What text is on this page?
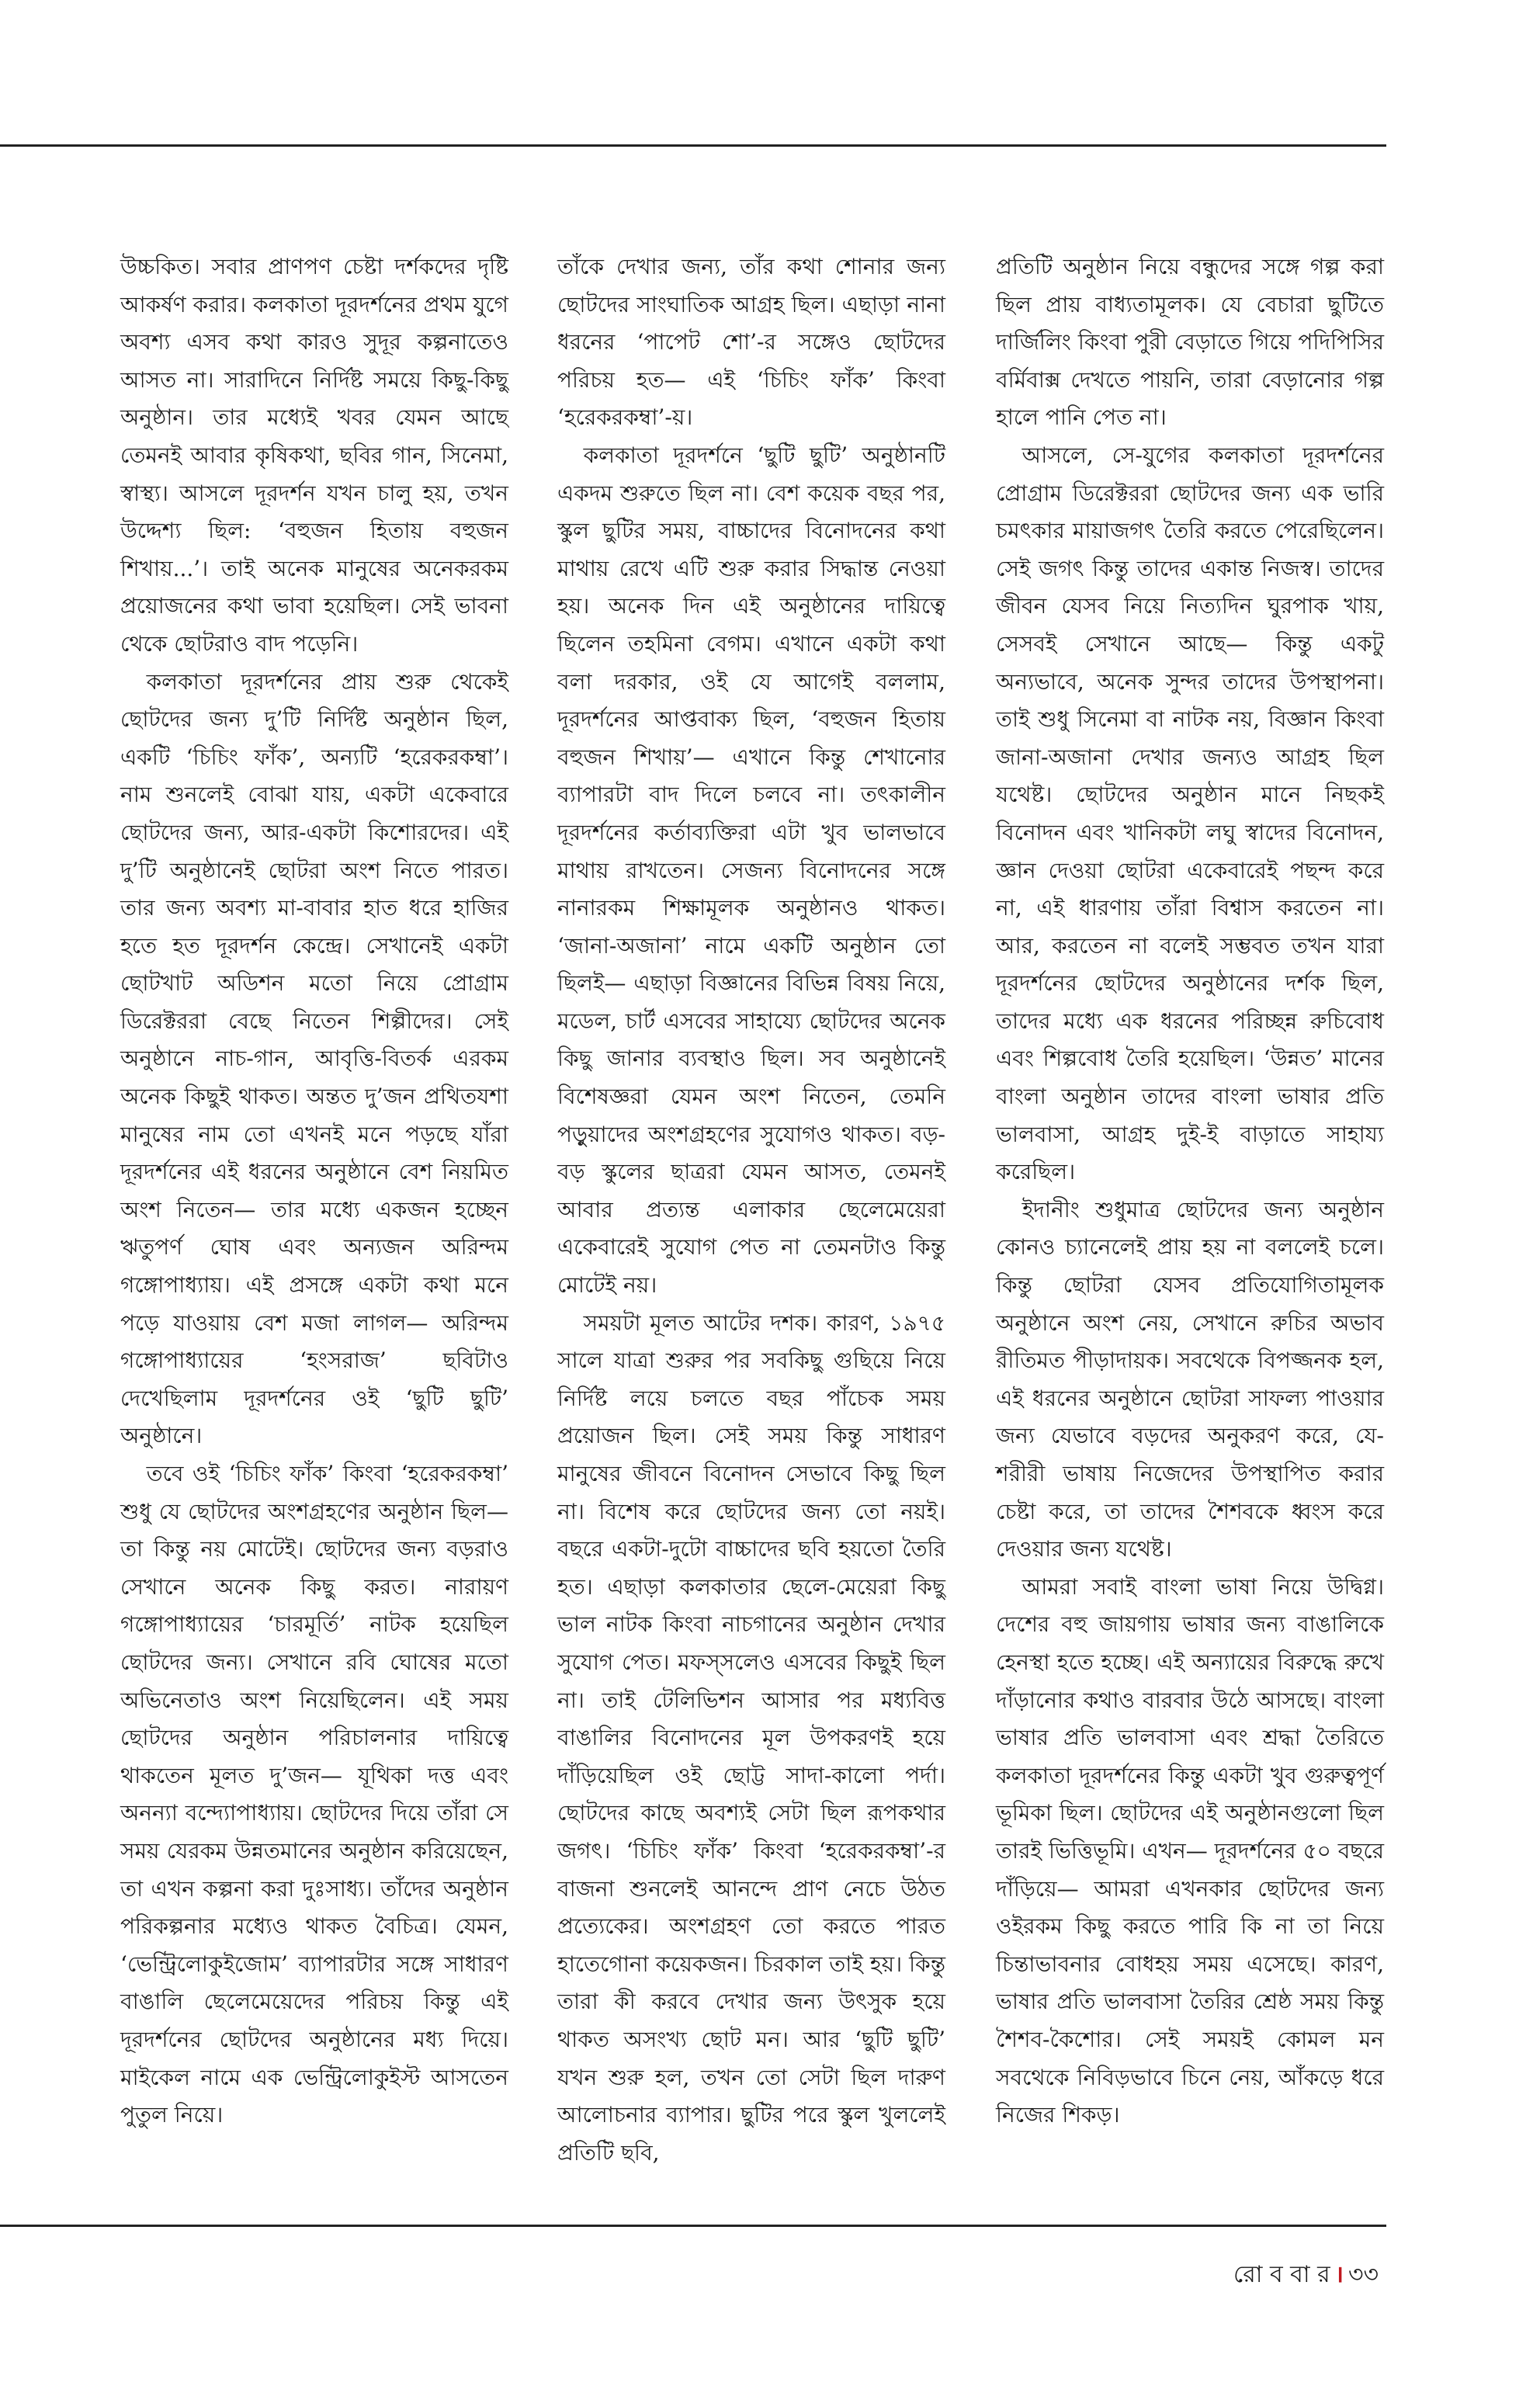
উচ্চকিত। সবার প্রাণপণ চেষ্টা দর্শকদের দৃষ্টি আকর্ষণ করার। কলকাতা দূরদর্শনের প্রথম যুগে অবশ্য এসব কথা কারও সুদূর কল্পনাতেও আসত না। সারাদিনে নির্দিষ্ট সময়ে কিছু-কিছু অনুষ্ঠান। তার মধ্যেই খবর যেমন আছে তেমনই আবার কৃষিকথা, ছবির গান, সিনেমা, স্বাস্থ্য। আসলে দূরদর্শন যখন চালু হয়, তখন উদ্দেশ্য ছিল: ‘বহুজন হিতায় বহুজন শিখায়...’। তাই অনেক মানুষের অনেকরকম প্রয়োজনের কথা ভাবা হয়েছিল। সেই ভাবনা থেকে ছোটরাও বাদ পড়েনি।

কলকাতা দূরদর্শনের প্রায় শুরু থেকেই ছোটদের জন্য দু’টি নির্দিষ্ট অনুষ্ঠান ছিল, একটি ‘চিচিং ফাঁক’, অন্যটি ‘হরেকরকম্বা’। নাম শুনলেই বোঝা যায়, একটা একেবারে ছোটদের জন্য, আর-একটা কিশোরদের। এই দু’টি অনুষ্ঠানেই ছোটরা অংশ নিতে পারত। তার জন্য অবশ্য মা-বাবার হাত ধরে হাজির হতে হত দূরদর্শন কেন্দ্রে। সেখানেই একটা ছোটখাট অডিশন মতো নিয়ে প্রোগ্রাম ডিরেক্টররা বেছে নিতেন শিল্পীদের। সেই অনুষ্ঠানে নাচ-গান, আবৃত্তি-বিতর্ক এরকম অনেক কিছুই থাকত। অন্তত দু’জন প্রথিতযশা মানুষের নাম তো এখনই মনে পড়ছে যাঁরা দূরদর্শনের এই ধরনের অনুষ্ঠানে বেশ নিয়মিত অংশ নিতেন— তার মধ্যে একজন হচ্ছেন ঋতুপর্ণ ঘোষ এবং অন্যজন অরিন্দম গঙ্গোপাধ্যায়। এই প্রসঙ্গে একটা কথা মনে পড়ে যাওয়ায় বেশ মজা লাগল— অরিন্দম গঙ্গোপাধ্যায়ের ‘হংসরাজ’ ছবিটাও দেখেছিলাম দূরদর্শনের ওই ‘ছুটি ছুটি’ অনুষ্ঠানে।

তবে ওই ‘চিচিং ফাঁক’ কিংবা ‘হরেকরকম্বা’ শুধু যে ছোটদের অংশগ্রহণের অনুষ্ঠান ছিল— তা কিন্তু নয় মোটেই। ছোটদের জন্য বড়রাও সেখানে অনেক কিছু করত। নারায়ণ গঙ্গোপাধ্যায়ের ‘চারমূর্তি’ নাটক হয়েছিল ছোটদের জন্য। সেখানে রবি ঘোষের মতো অভিনেতাও অংশ নিয়েছিলেন। এই সময় ছোটদের অনুষ্ঠান পরিচালনার দায়িত্বে থাকতেন মূলত দু’জন— যূথিকা দত্ত এবং অনন্যা বন্দ্যোপাধ্যায়। ছোটদের দিয়ে তাঁরা সে সময় যেরকম উন্নতমানের অনুষ্ঠান করিয়েছেন, তা এখন কল্পনা করা দুঃসাধ্য। তাঁদের অনুষ্ঠান পরিকল্পনার মধ্যেও থাকত বৈচিত্র। যেমন, ‘ভেন্ট্রিলোকুইজোম’ ব্যাপারটার সঙ্গে সাধারণ বাঙালি ছেলেমেয়েদের পরিচয় কিন্তু এই দূরদর্শনের ছোটদের অনুষ্ঠানের মধ্য দিয়ে। মাইকেল নামে এক ভেন্ট্রিলোকুইস্ট আসতেন পুতুল নিয়ে।

তাঁকে দেখার জন্য, তাঁর কথা শোনার জন্য ছোটদের সাংঘাতিক আগ্রহ ছিল। এছাড়া নানা ধরনের ‘পাপেট শো’-র সঙ্গেও ছোটদের পরিচয় হত— এই ‘চিচিং ফাঁক’ কিংবা ‘হরেকরকম্বা’-য়।

কলকাতা দূরদর্শনে ‘ছুটি ছুটি’ অনুষ্ঠানটি একদম শুরুতে ছিল না। বেশ কয়েক বছর পর, স্কুল ছুটির সময়, বাচ্চাদের বিনোদনের কথা মাথায় রেখে এটি শুরু করার সিদ্ধান্ত নেওয়া হয়। অনেক দিন এই অনুষ্ঠানের দায়িত্বে ছিলেন তহমিনা বেগম। এখানে একটা কথা বলা দরকার, ওই যে আগেই বললাম, দূরদর্শনের আপ্তবাক্য ছিল, ‘বহুজন হিতায় বহুজন শিখায়’— এখানে কিন্তু শেখানোর ব্যাপারটা বাদ দিলে চলবে না। তৎকালীন দূরদর্শনের কর্তাব্যক্তিরা এটা খুব ভালভাবে মাথায় রাখতেন। সেজন্য বিনোদনের সঙ্গে নানারকম শিক্ষামূলক অনুষ্ঠানও থাকত। ‘জানা-অজানা’ নামে একটি অনুষ্ঠান তো ছিলই— এছাড়া বিজ্ঞানের বিভিন্ন বিষয় নিয়ে, মডেল, চার্ট এসবের সাহায্যে ছোটদের অনেক কিছু জানার ব্যবস্থাও ছিল। সব অনুষ্ঠানেই বিশেষজ্ঞরা যেমন অংশ নিতেন, তেমনি পড়ুয়াদের অংশগ্রহণের সুযোগও থাকত। বড়-বড় স্কুলের ছাত্ররা যেমন আসত, তেমনই আবার প্রত্যন্ত এলাকার ছেলেমেয়েরা একেবারেই সুযোগ পেত না তেমনটাও কিন্তু মোটেই নয়।

সময়টা মূলত আটের দশক। কারণ, ১৯৭৫ সালে যাত্রা শুরুর পর সবকিছু গুছিয়ে নিয়ে নির্দিষ্ট লয়ে চলতে বছর পাঁচেক সময় প্রয়োজন ছিল। সেই সময় কিন্তু সাধারণ মানুষের জীবনে বিনোদন সেভাবে কিছু ছিল না। বিশেষ করে ছোটদের জন্য তো নয়ই। বছরে একটা-দুটো বাচ্চাদের ছবি হয়তো তৈরি হত। এছাড়া কলকাতার ছেলে-মেয়েরা কিছু ভাল নাটক কিংবা নাচগানের অনুষ্ঠান দেখার সুযোগ পেত। মফস্‌সলেও এসবের কিছুই ছিল না। তাই টেলিভিশন আসার পর মধ্যবিত্ত বাঙালির বিনোদনের মূল উপকরণই হয়ে দাঁড়িয়েছিল ওই ছোট্ট সাদা-কালো পর্দা। ছোটদের কাছে অবশ্যই সেটা ছিল রূপকথার জগৎ। ‘চিচিং ফাঁক’ কিংবা ‘হরেকরকম্বা’-র বাজনা শুনলেই আনন্দে প্রাণ নেচে উঠত প্রত্যেকের। অংশগ্রহণ তো করতে পারত হাতেগোনা কয়েকজন। চিরকাল তাই হয়। কিন্তু তারা কী করবে দেখার জন্য উৎসুক হয়ে থাকত অসংখ্য ছোট মন। আর ‘ছুটি ছুটি’ যখন শুরু হল, তখন তো সেটা ছিল দারুণ আলোচনার ব্যাপার। ছুটির পরে স্কুল খুললেই প্রতিটি ছবি,

প্রতিটি অনুষ্ঠান নিয়ে বন্ধুদের সঙ্গে গল্প করা ছিল প্রায় বাধ্যতামূলক। যে বেচারা ছুটিতে দার্জিলিং কিংবা পুরী বেড়াতে গিয়ে পদিপিসির বর্মিবাক্স দেখতে পায়নি, তারা বেড়ানোর গল্প হালে পানি পেত না।

আসলে, সে-যুগের কলকাতা দূরদর্শনের প্রোগ্রাম ডিরেক্টররা ছোটদের জন্য এক ভারি চমৎকার মায়াজগৎ তৈরি করতে পেরেছিলেন। সেই জগৎ কিন্তু তাদের একান্ত নিজস্ব। তাদের জীবন যেসব নিয়ে নিত্যদিন ঘুরপাক খায়, সেসবই সেখানে আছে— কিন্তু একটু অন্যভাবে, অনেক সুন্দর তাদের উপস্থাপনা। তাই শুধু সিনেমা বা নাটক নয়, বিজ্ঞান কিংবা জানা-অজানা দেখার জন্যও আগ্রহ ছিল যথেষ্ট। ছোটদের অনুষ্ঠান মানে নিছকই বিনোদন এবং খানিকটা লঘু স্বাদের বিনোদন, জ্ঞান দেওয়া ছোটরা একেবারেই পছন্দ করে না, এই ধারণায় তাঁরা বিশ্বাস করতেন না। আর, করতেন না বলেই সম্ভবত তখন যারা দূরদর্শনের ছোটদের অনুষ্ঠানের দর্শক ছিল, তাদের মধ্যে এক ধরনের পরিচ্ছন্ন রুচিবোধ এবং শিল্পবোধ তৈরি হয়েছিল। ‘উন্নত’ মানের বাংলা অনুষ্ঠান তাদের বাংলা ভাষার প্রতি ভালবাসা, আগ্রহ দুই-ই বাড়াতে সাহায্য করেছিল।

ইদানীং শুধুমাত্র ছোটদের জন্য অনুষ্ঠান কোনও চ্যানেলেই প্রায় হয় না বললেই চলে। কিন্তু ছোটরা যেসব প্রতিযোগিতামূলক অনুষ্ঠানে অংশ নেয়, সেখানে রুচির অভাব রীতিমত পীড়াদায়ক। সবথেকে বিপজ্জনক হল, এই ধরনের অনুষ্ঠানে ছোটরা সাফল্য পাওয়ার জন্য যেভাবে বড়দের অনুকরণ করে, যে-শরীরী ভাষায় নিজেদের উপস্থাপিত করার চেষ্টা করে, তা তাদের শৈশবকে ধ্বংস করে দেওয়ার জন্য যথেষ্ট।

আমরা সবাই বাংলা ভাষা নিয়ে উদ্বিগ্ন। দেশের বহু জায়গায় ভাষার জন্য বাঙালিকে হেনস্থা হতে হচ্ছে। এই অন্যায়ের বিরুদ্ধে রুখে দাঁড়ানোর কথাও বারবার উঠে আসছে। বাংলা ভাষার প্রতি ভালবাসা এবং শ্রদ্ধা তৈরিতে কলকাতা দূরদর্শনের কিন্তু একটা খুব গুরুত্বপূর্ণ ভূমিকা ছিল। ছোটদের এই অনুষ্ঠানগুলো ছিল তারই ভিত্তিভূমি। এখন— দূরদর্শনের ৫০ বছরে দাঁড়িয়ে— আমরা এখনকার ছোটদের জন্য ওইরকম কিছু করতে পারি কি না তা নিয়ে চিন্তাভাবনার বোধহয় সময় এসেছে। কারণ, ভাষার প্রতি ভালবাসা তৈরির শ্রেষ্ঠ সময় কিন্তু শৈশব-কৈশোর। সেই সময়ই কোমল মন সবথেকে নিবিড়ভাবে চিনে নেয়, আঁকড়ে ধরে নিজের শিকড়।

রো ব বা র । ৩৩
